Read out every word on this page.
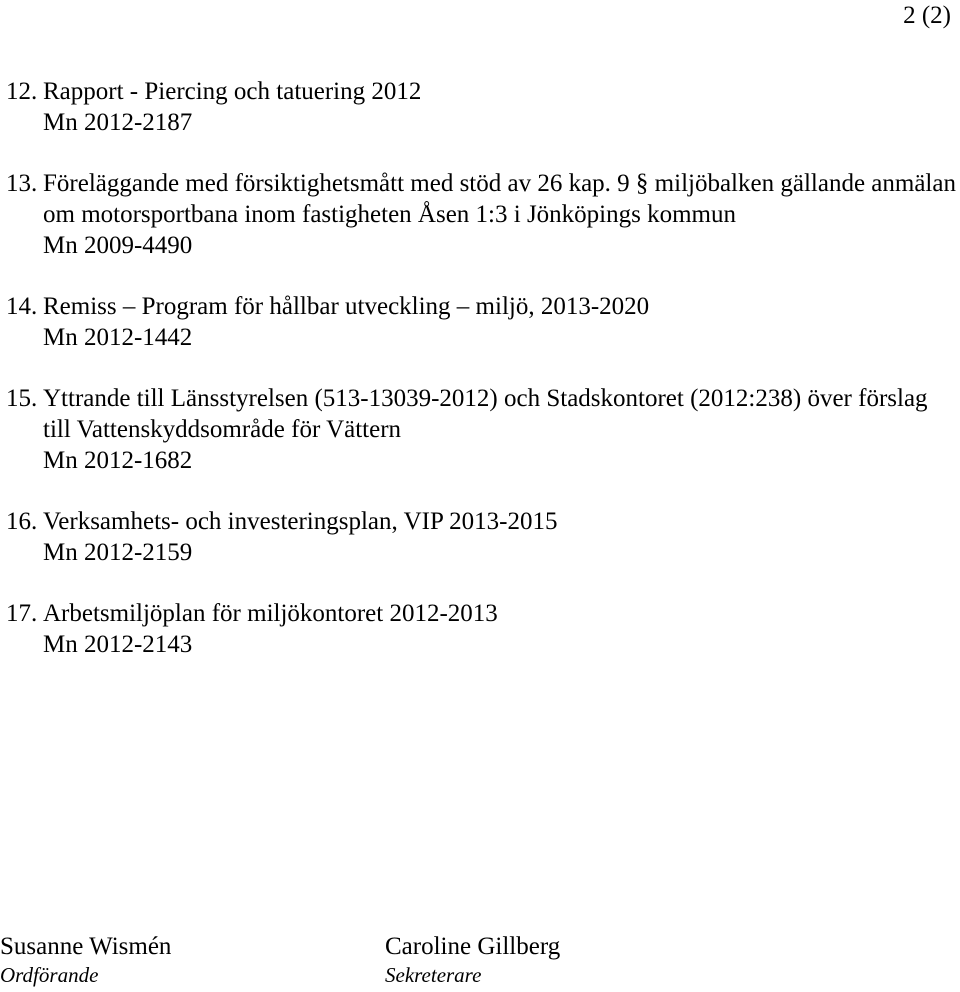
2 (2)
12. Rapport - Piercing och tatuering 2012
Mn 2012-2187
13. Föreläggande med försiktighetsmått med stöd av 26 kap. 9 § miljöbalken gällande anmälan om motorsportbana inom fastigheten Åsen 1:3 i Jönköpings kommun
Mn 2009-4490
14. Remiss – Program för hållbar utveckling – miljö, 2013-2020
Mn 2012-1442
15. Yttrande till Länsstyrelsen (513-13039-2012) och Stadskontoret (2012:238) över förslag till Vattenskyddsområde för Vättern
Mn 2012-1682
16. Verksamhets- och investeringsplan, VIP 2013-2015
Mn 2012-2159
17. Arbetsmiljöplan för miljökontoret 2012-2013
Mn 2012-2143
Susanne Wismén
Ordförande
Caroline Gillberg
Sekreterare
